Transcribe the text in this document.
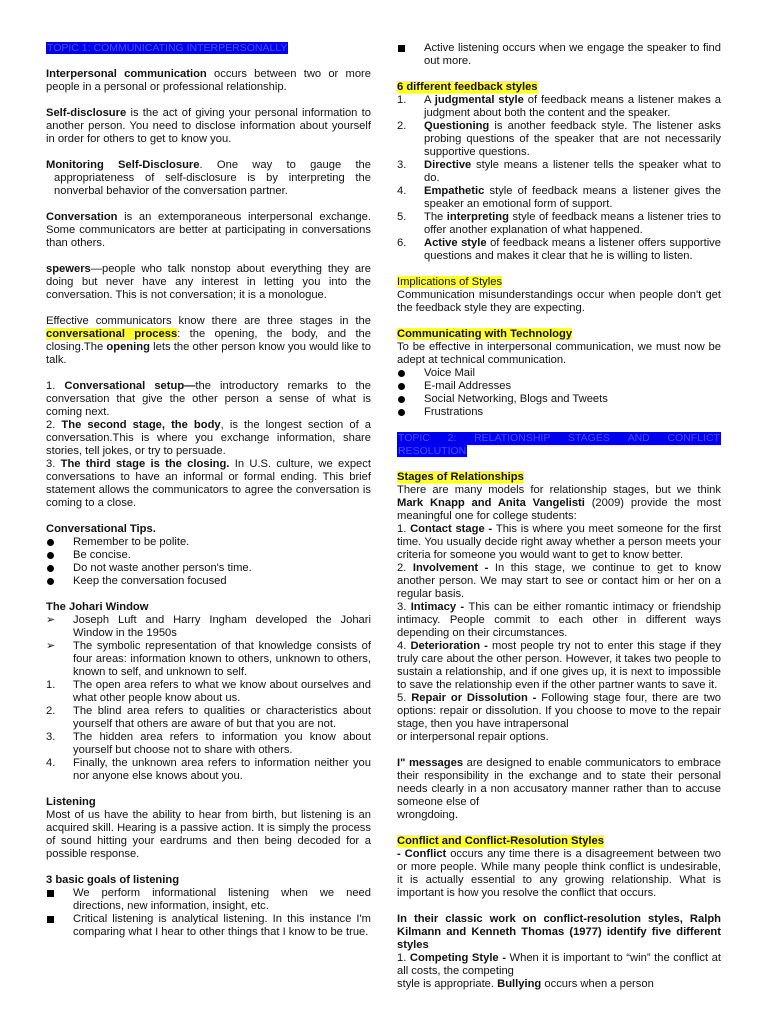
TOPIC 1: COMMUNICATING INTERPERSONALLY

Interpersonal communication occurs between two or more people in a personal or professional relationship.

Self-disclosure is the act of giving your personal information to another person. You need to disclose information about yourself in order for others to get to know you.

Monitoring Self-Disclosure. One way to gauge the appropriateness of self-disclosure is by interpreting the nonverbal behavior of the conversation partner.

Conversation is an extemporaneous interpersonal exchange. Some communicators are better at participating in conversations than others.

spewers—people who talk nonstop about everything they are doing but never have any interest in letting you into the conversation. This is not conversation; it is a monologue.

Effective communicators know there are three stages in the conversational process: the opening, the body, and the closing.The opening lets the other person know you would like to talk.

1. Conversational setup—the introductory remarks to the conversation that give the other person a sense of what is coming next.

2. The second stage, the body, is the longest section of a conversation.This is where you exchange information, share stories, tell jokes, or try to persuade.

3. The third stage is the closing. In U.S. culture, we expect conversations to have an informal or formal ending. This brief statement allows the communicators to agree the conversation is coming to a close.

Conversational Tips.

Remember to be polite.

Be concise.

Do not waste another person's time.

Keep the conversation focused

The Johari Window

➢ Joseph Luft and Harry Ingham developed the Johari Window in the 1950s

➢ The symbolic representation of that knowledge consists of four areas: information known to others, unknown to others, known to self, and unknown to self.

1. The open area refers to what we know about ourselves and what other people know about us.

2. The blind area refers to qualities or characteristics about yourself that others are aware of but that you are not.

3. The hidden area refers to information you know about yourself but choose not to share with others.

4. Finally, the unknown area refers to information neither you nor anyone else knows about you.

Listening

Most of us have the ability to hear from birth, but listening is an acquired skill. Hearing is a passive action. It is simply the process of sound hitting your eardrums and then being decoded for a possible response.

3 basic goals of listening

We perform informational listening when we need directions, new information, insight, etc.

Critical listening is analytical listening. In this instance I'm comparing what I hear to other things that I know to be true.

Active listening occurs when we engage the speaker to find out more.

6 different feedback styles

1. A judgmental style of feedback means a listener makes a judgment about both the content and the speaker.

2. Questioning is another feedback style. The listener asks probing questions of the speaker that are not necessarily supportive questions.

3. Directive style means a listener tells the speaker what to do.

4. Empathetic style of feedback means a listener gives the speaker an emotional form of support.

5. The interpreting style of feedback means a listener tries to offer another explanation of what happened.

6. Active style of feedback means a listener offers supportive questions and makes it clear that he is willing to listen.

Implications of Styles

Communication misunderstandings occur when people don't get the feedback style they are expecting.

Communicating with Technology

To be effective in interpersonal communication, we must now be adept at technical communication.

Voice Mail

E-mail Addresses

Social Networking, Blogs and Tweets

Frustrations

TOPIC 2: RELATIONSHIP STAGES AND CONFLICT
RESOLUTION

Stages of Relationships

There are many models for relationship stages, but we think Mark Knapp and Anita Vangelisti (2009) provide the most meaningful one for college students:

1. Contact stage - This is where you meet someone for the first time. You usually decide right away whether a person meets your criteria for someone you would want to get to know better.

2. Involvement - In this stage, we continue to get to know another person. We may start to see or contact him or her on a regular basis.

3. Intimacy - This can be either romantic intimacy or friendship intimacy. People commit to each other in different ways depending on their circumstances.

4. Deterioration - most people try not to enter this stage if they truly care about the other person. However, it takes two people to sustain a relationship, and if one gives up, it is next to impossible to save the relationship even if the other partner wants to save it.

5. Repair or Dissolution - Following stage four, there are two options: repair or dissolution. If you choose to move to the repair stage, then you have intrapersonal

or interpersonal repair options.

I" messages are designed to enable communicators to embrace their responsibility in the exchange and to state their personal needs clearly in a non accusatory manner rather than to accuse someone else of

wrongdoing.

Conflict and Conflict-Resolution Styles

- Conflict occurs any time there is a disagreement between two or more people. While many people think conflict is undesirable, it is actually essential to any growing relationship. What is important is how you resolve the conflict that occurs.

In their classic work on conflict-resolution styles, Ralph Kilmann and Kenneth Thomas (1977) identify five different styles

1. Competing Style - When it is important to “win” the conflict at all costs, the competing

style is appropriate. Bullying occurs when a person
